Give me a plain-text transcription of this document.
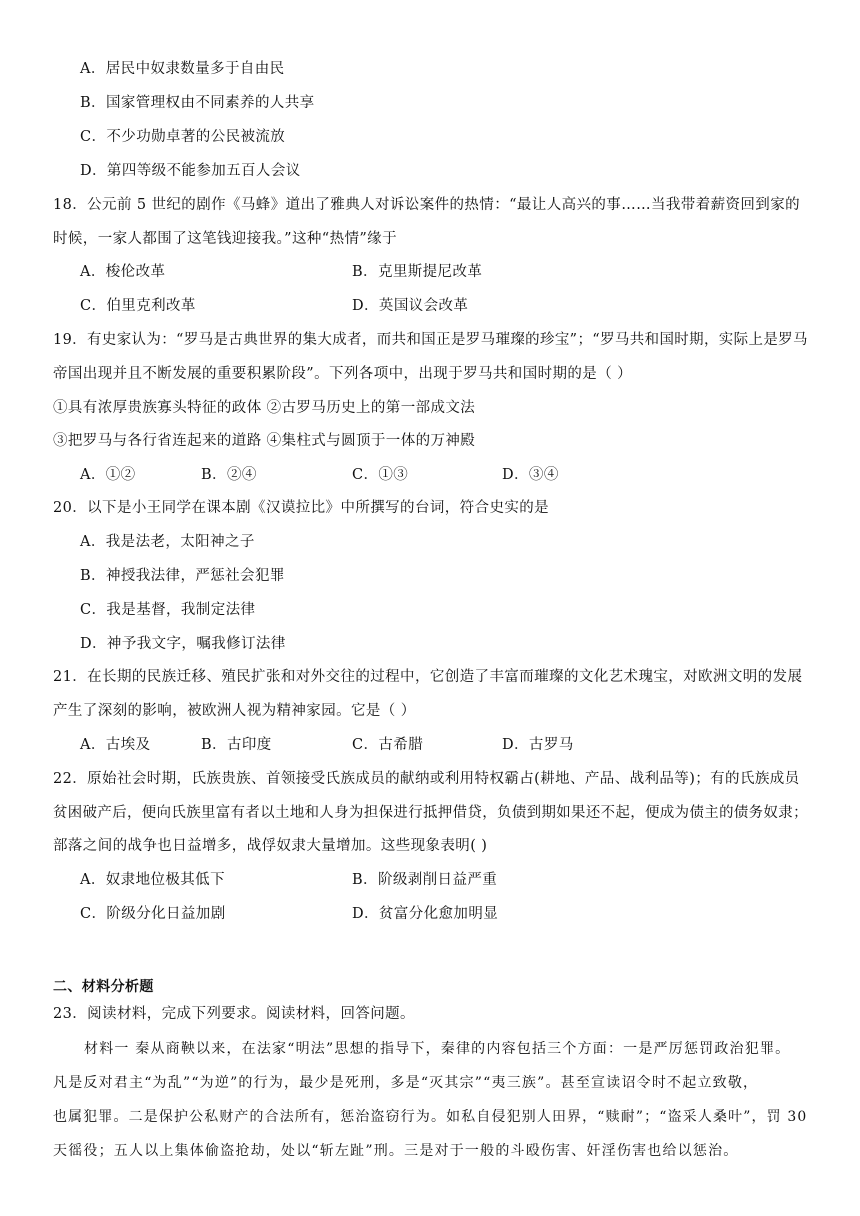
A．居民中奴隶数量多于自由民
B．国家管理权由不同素养的人共享
C．不少功勋卓著的公民被流放
D．第四等级不能参加五百人会议
18．公元前 5 世纪的剧作《马蜂》道出了雅典人对诉讼案件的热情：“最让人高兴的事……当我带着薪资回到家的
时候，一家人都围了这笔钱迎接我。”这种“热情”缘于
A．梭伦改革	B．克里斯提尼改革
C．伯里克利改革	D．英国议会改革
19．有史家认为：“罗马是古典世界的集大成者，而共和国正是罗马璀璨的珍宝”；“罗马共和国时期，实际上是罗马
帝国出现并且不断发展的重要积累阶段”。下列各项中，出现于罗马共和国时期的是（ ）
①具有浓厚贵族寡头特征的政体 ②古罗马历史上的第一部成文法
③把罗马与各行省连起来的道路 ④集柱式与圆顶于一体的万神殿
A．①②	B．②④	C．①③	D．③④
20．以下是小王同学在课本剧《汉谟拉比》中所撰写的台词，符合史实的是
A．我是法老，太阳神之子
B．神授我法律，严惩社会犯罪
C．我是基督，我制定法律
D．神予我文字，嘱我修订法律
21．在长期的民族迁移、殖民扩张和对外交往的过程中，它创造了丰富而璀璨的文化艺术瑰宝，对欧洲文明的发展
产生了深刻的影响，被欧洲人视为精神家园。它是（ ）
A．古埃及	B．古印度	C．古希腊	D．古罗马
22．原始社会时期，氏族贵族、首领接受氏族成员的献纳或利用特权霸占(耕地、产品、战利品等)；有的氏族成员
贫困破产后，便向氏族里富有者以土地和人身为担保进行抵押借贷，负债到期如果还不起，便成为债主的债务奴隶；
部落之间的战争也日益增多，战俘奴隶大量增加。这些现象表明( )
A．奴隶地位极其低下	B．阶级剥削日益严重
C．阶级分化日益加剧	D．贫富分化愈加明显
二、材料分析题
23．阅读材料，完成下列要求。阅读材料，回答问题。
材料一 秦从商鞅以来，在法家“明法”思想的指导下，秦律的内容包括三个方面：一是严厉惩罚政治犯罪。
凡是反对君主“为乱”“为逆”的行为，最少是死刑，多是“灭其宗”“夷三族”。甚至宣读诏令时不起立致敬，
也属犯罪。二是保护公私财产的合法所有，惩治盗窃行为。如私自侵犯别人田界，“赎耐”；“盗采人桑叶”，罚 30
天徭役；五人以上集体偷盗抢劫，处以“斩左趾”刑。三是对于一般的斗殴伤害、奸淫伤害也给以惩治。
